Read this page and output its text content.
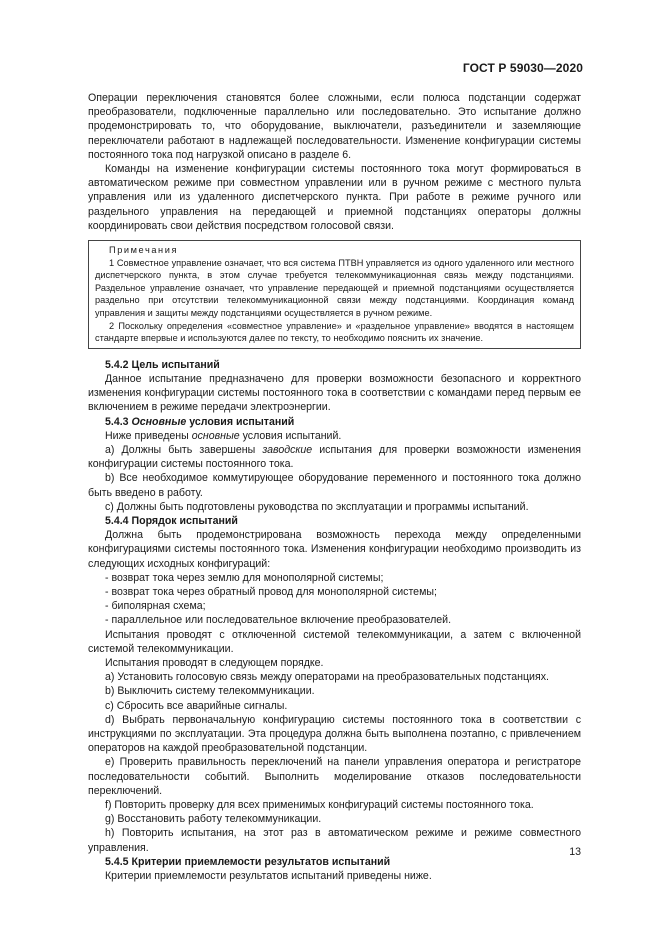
ГОСТ Р 59030—2020

Операции переключения становятся более сложными, если полюса подстанции содержат преобразователи, подключенные параллельно или последовательно. Это испытание должно продемонстрировать то, что оборудование, выключатели, разъединители и заземляющие переключатели работают в надлежащей последовательности. Изменение конфигурации системы постоянного тока под нагрузкой описано в разделе 6.

Команды на изменение конфигурации системы постоянного тока могут формироваться в автоматическом режиме при совместном управлении или в ручном режиме с местного пульта управления или из удаленного диспетчерского пункта. При работе в режиме ручного или раздельного управления на передающей и приемной подстанциях операторы должны координировать свои действия посредством голосовой связи.

Примечания

1 Совместное управление означает, что вся система ПТВН управляется из одного удаленного или местного диспетчерского пункта, в этом случае требуется телекоммуникационная связь между подстанциями. Раздельное управление означает, что управление передающей и приемной подстанциями осуществляется раздельно при отсутствии телекоммуникационной связи между подстанциями. Координация команд управления и защиты между подстанциями осуществляется в ручном режиме.

2 Поскольку определения «совместное управление» и «раздельное управление» вводятся в настоящем стандарте впервые и используются далее по тексту, то необходимо пояснить их значение.

5.4.2 Цель испытаний

Данное испытание предназначено для проверки возможности безопасного и корректного изменения конфигурации системы постоянного тока в соответствии с командами перед первым ее включением в режиме передачи электроэнергии.

5.4.3 Основные условия испытаний

Ниже приведены основные условия испытаний.

а) Должны быть завершены заводские испытания для проверки возможности изменения конфигурации системы постоянного тока.

b) Все необходимое коммутирующее оборудование переменного и постоянного тока должно быть введено в работу.

с) Должны быть подготовлены руководства по эксплуатации и программы испытаний.

5.4.4 Порядок испытаний

Должна быть продемонстрирована возможность перехода между определенными конфигурациями системы постоянного тока. Изменения конфигурации необходимо производить из следующих исходных конфигураций:

- возврат тока через землю для монополярной системы;

- возврат тока через обратный провод для монополярной системы;

- биполярная схема;

- параллельное или последовательное включение преобразователей.

Испытания проводят с отключенной системой телекоммуникации, а затем с включенной системой телекоммуникации.

Испытания проводят в следующем порядке.

а) Установить голосовую связь между операторами на преобразовательных подстанциях.

b) Выключить систему телекоммуникации.

с) Сбросить все аварийные сигналы.

d) Выбрать первоначальную конфигурацию системы постоянного тока в соответствии с инструкциями по эксплуатации. Эта процедура должна быть выполнена поэтапно, с привлечением операторов на каждой преобразовательной подстанции.

е) Проверить правильность переключений на панели управления оператора и регистраторе последовательности событий. Выполнить моделирование отказов последовательности переключений.

f) Повторить проверку для всех применимых конфигураций системы постоянного тока.

g) Восстановить работу телекоммуникации.

h) Повторить испытания, на этот раз в автоматическом режиме и режиме совместного управления.

5.4.5 Критерии приемлемости результатов испытаний

Критерии приемлемости результатов испытаний приведены ниже.

13
